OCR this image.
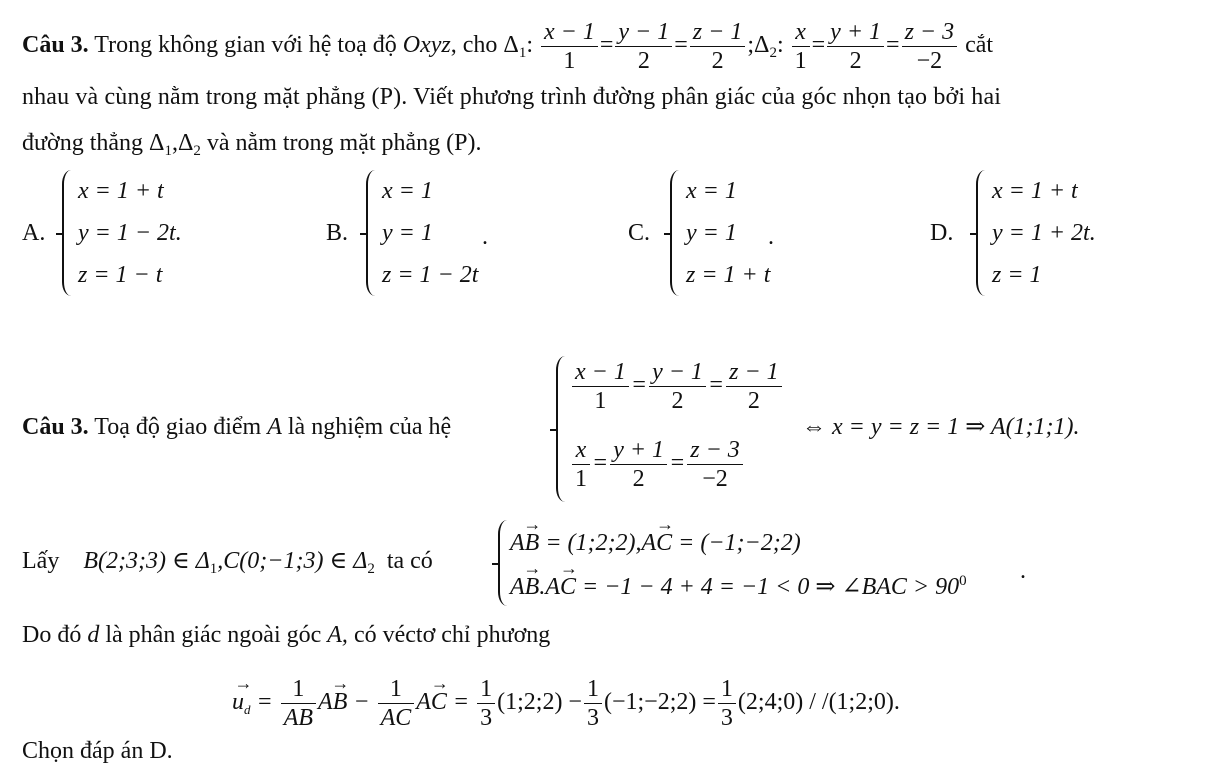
Câu 3. Trong không gian với hệ toạ độ Oxyz, cho $\Delta_1$: $\frac{x - 1}{1} = \frac{y - 1}{2} = \frac{z - 1}{2}$ $;\Delta_2$: $\frac{x}{1} = \frac{y + 1}{2} = \frac{z - 3}{-2}$ cắt
nhau và cùng nằm trong mặt phẳng (P). Viết phương trình đường phân giác của góc nhọn tạo bởi hai
đường thẳng $\Delta_1,\Delta_2$ và nằm trong mặt phẳng (P).
A.
x = 1 + t
y = 1 − 2t.
z = 1 − t
B.
x = 1
y = 1
z = 1 − 2t
.	C.
x = 1
y = 1
z = 1 + t
.	D.
x = 1 + t
y = 1 + 2t.
z = 1
Câu 3. Toạ độ giao điểm A là nghiệm của hệ
$\frac{x - 1}{1} = \frac{y - 1}{2} = \frac{z - 1}{2}$
$\frac{x}{1} = \frac{y + 1}{2} = \frac{z - 3}{-2}$
⇔ x = y = z = 1 ⇒ A(1;1;1).
Lấy B(2;3;3) ∈ $\Delta_1,C(0;-1;3)$ ∈ $\Delta_2$ ta có
AB → = (1;2;2),AC → = (−1;−2;2)
AB →.AC → = −1 − 4 + 4 = −1 < 0 ⇒ ∠BAC > $90^0$ .
Do đó d là phân giác ngoài góc A, có véctơ chỉ phương
$u_d$ → = $\frac{1}{AB}$ AB → − $\frac{1}{AC}$ AC → = $\frac{1}{3}$ (1;2;2) − $\frac{1}{3}$ (−1;−2;2) = $\frac{1}{3}$ (2;4;0) / /(1;2;0).
Chọn đáp án D.
